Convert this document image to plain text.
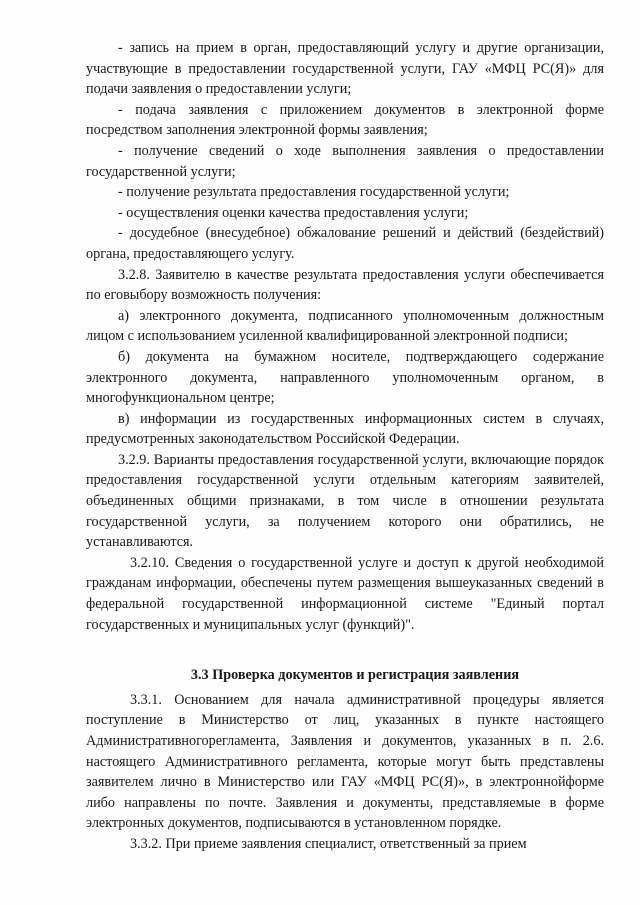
- запись на прием в орган, предоставляющий услугу и другие организации, участвующие в предоставлении государственной услуги, ГАУ «МФЦ РС(Я)» для подачи заявления о предоставлении услуги;

- подача заявления с приложением документов в электронной форме посредством заполнения электронной формы заявления;

- получение сведений о ходе выполнения заявления о предоставлении государственной услуги;

- получение результата предоставления государственной услуги;

- осуществления оценки качества предоставления услуги;

- досудебное (внесудебное) обжалование решений и действий (бездействий) органа, предоставляющего услугу.

3.2.8. Заявителю в качестве результата предоставления услуги обеспечивается по еговыбору возможность получения:

а) электронного документа, подписанного уполномоченным должностным лицом с использованием усиленной квалифицированной электронной подписи;

б) документа на бумажном носителе, подтверждающего содержание электронного документа, направленного уполномоченным органом, в многофункциональном центре;

в) информации из государственных информационных систем в случаях, предусмотренных законодательством Российской Федерации.

3.2.9. Варианты предоставления государственной услуги, включающие порядок предоставления государственной услуги отдельным категориям заявителей, объединенных общими признаками, в том числе в отношении результата государственной услуги, за получением которого они обратились, не устанавливаются.

3.2.10. Сведения о государственной услуге и доступ к другой необходимой гражданам информации, обеспечены путем размещения вышеуказанных сведений в федеральной государственной информационной системе "Единый портал государственных и муниципальных услуг (функций)".

3.3 Проверка документов и регистрация заявления

3.3.1. Основанием для начала административной процедуры является поступление в Министерство от лиц, указанных в пункте настоящего Административногорегламента, Заявления и документов, указанных в п. 2.6. настоящего Административного регламента, которые могут быть представлены заявителем лично в Министерство или ГАУ «МФЦ РС(Я)», в электроннойформе либо направлены по почте. Заявления и документы, представляемые в форме электронных документов, подписываются в установленном порядке.

3.3.2. При приеме заявления специалист, ответственный за прием
